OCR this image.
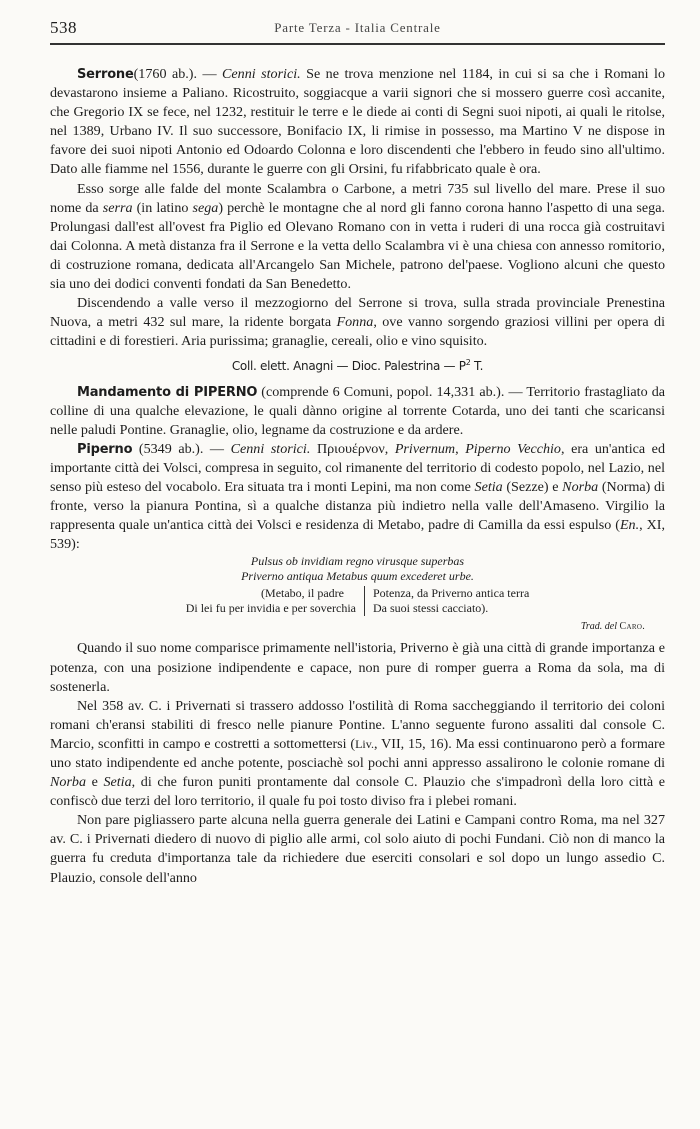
538	Parte Terza - Italia Centrale

Serrone(1760 ab.). — Cenni storici. Se ne trova menzione nel 1184, in cui si sa che i Romani lo devastarono insieme a Paliano. Ricostruito, soggiacque a varii signori che si mossero guerre così accanite, che Gregorio IX se fece, nel 1232, restituir le terre e le diede ai conti di Segni suoi nipoti, ai quali le ritolse, nel 1389, Urbano IV. Il suo successore, Bonifacio IX, li rimise in possesso, ma Martino V ne dispose in favore dei suoi nipoti Antonio ed Odoardo Colonna e loro discendenti che l'ebbero in feudo sino all'ultimo. Dato alle fiamme nel 1556, durante le guerre con gli Orsini, fu rifabbricato quale è ora.

Esso sorge alle falde del monte Scalambra o Carbone, a metri 735 sul livello del mare. Prese il suo nome da serra (in latino sega) perchè le montagne che al nord gli fanno corona hanno l'aspetto di una sega. Prolungasi dall'est all'ovest fra Piglio ed Olevano Romano con in vetta i ruderi di una rocca già costruitavi dai Colonna. A metà distanza fra il Serrone e la vetta dello Scalambra vi è una chiesa con annesso romitorio, di costruzione romana, dedicata all'Arcangelo San Michele, patrono del'paese. Vogliono alcuni che questo sia uno dei dodici conventi fondati da San Benedetto.

Discendendo a valle verso il mezzogiorno del Serrone si trova, sulla strada provinciale Prenestina Nuova, a metri 432 sul mare, la ridente borgata Fonna, ove vanno sorgendo graziosi villini per opera di cittadini e di forestieri. Aria purissima; granaglie, cereali, olio e vino squisito.

Coll. elett. Anagni — Dioc. Palestrina — $P^2$ T.

Mandamento di PIPERNO (comprende 6 Comuni, popol. 14,331 ab.). — Territorio frastagliato da colline di una qualche elevazione, le quali dànno origine al torrente Cotarda, uno dei tanti che scaricansi nelle paludi Pontine. Granaglie, olio, legname da costruzione e da ardere.

Piperno (5349 ab.). — Cenni storici. Πριουέρνον, Privernum, Piperno Vecchio, era un'antica ed importante città dei Volsci, compresa in seguito, col rimanente del territorio di codesto popolo, nel Lazio, nel senso più esteso del vocabolo. Era situata tra i monti Lepini, ma non come Setia (Sezze) e Norba (Norma) di fronte, verso la pianura Pontina, sì a qualche distanza più indietro nella valle dell'Amaseno. Virgilio la rappresenta quale un'antica città dei Volsci e residenza di Metabo, padre di Camilla da essi espulso (En., XI, 539):

Pulsus ob invidiam regno virusque superbas
Priverno antiqua Metabus quum excederet urbe.
(Metabo, il padre
Di lei fu per invidia e per soverchia
Potenza, da Priverno antica terra
Da suoi stessi cacciato).
Trad. del Caro.

Quando il suo nome comparisce primamente nell'istoria, Priverno è già una città di grande importanza e potenza, con una posizione indipendente e capace, non pure di romper guerra a Roma da sola, ma di sostenerla.

Nel 358 av. C. i Privernati si trassero addosso l'ostilità di Roma saccheggiando il territorio dei coloni romani ch'eransi stabiliti di fresco nelle pianure Pontine. L'anno seguente furono assaliti dal console C. Marcio, sconfitti in campo e costretti a sottomettersi (Liv., VII, 15, 16). Ma essi continuarono però a formare uno stato indipendente ed anche potente, posciachè sol pochi anni appresso assalirono le colonie romane di Norba e Setia, di che furon puniti prontamente dal console C. Plauzio che s'impadronì della loro città e confiscò due terzi del loro territorio, il quale fu poi tosto diviso fra i plebei romani.

Non pare pigliassero parte alcuna nella guerra generale dei Latini e Campani contro Roma, ma nel 327 av. C. i Privernati diedero di nuovo di piglio alle armi, col solo aiuto di pochi Fundani. Ciò non di manco la guerra fu creduta d'importanza tale da richiedere due eserciti consolari e sol dopo un lungo assedio C. Plauzio, console dell'anno
